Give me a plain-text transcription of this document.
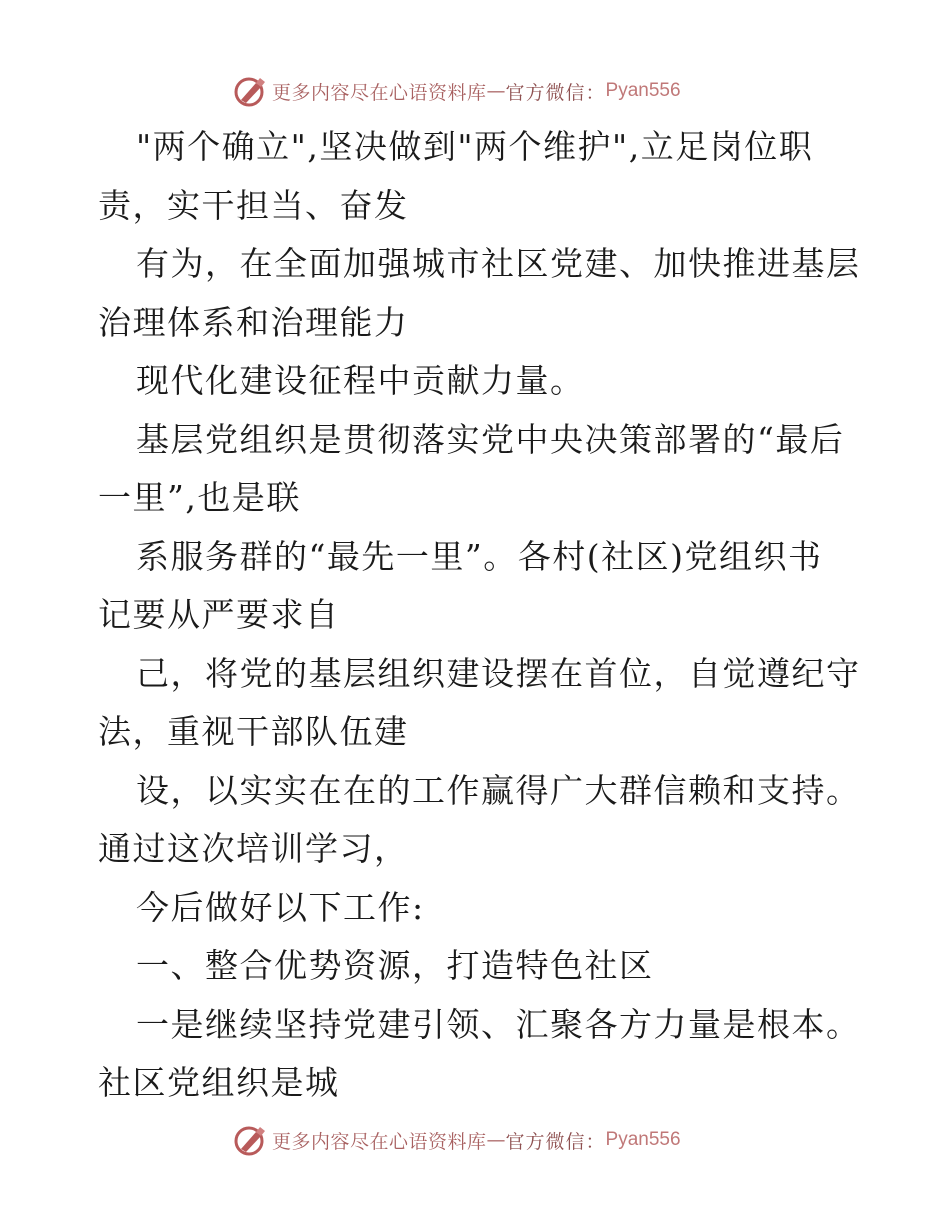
更多内容尽在心语资料库 — 官方微信： Pyan556
"两个确立",坚决做到"两个维护",立足岗位职
责，实干担当、奋发
有为，在全面加强城市社区党建、加快推进基层
治理体系和治理能力
现代化建设征程中贡献力量。
基层党组织是贯彻落实党中央决策部署的“最后
一里”,也是联
系服务群的“最先一里”。各村(社区)党组织书
记要从严要求自
己，将党的基层组织建设摆在首位，自觉遵纪守
法，重视干部队伍建
设，以实实在在的工作赢得广大群信赖和支持。
通过这次培训学习，
今后做好以下工作:
一、整合优势资源，打造特色社区
一是继续坚持党建引领、汇聚各方力量是根本。
社区党组织是城
更多内容尽在心语资料库 — 官方微信： Pyan556
